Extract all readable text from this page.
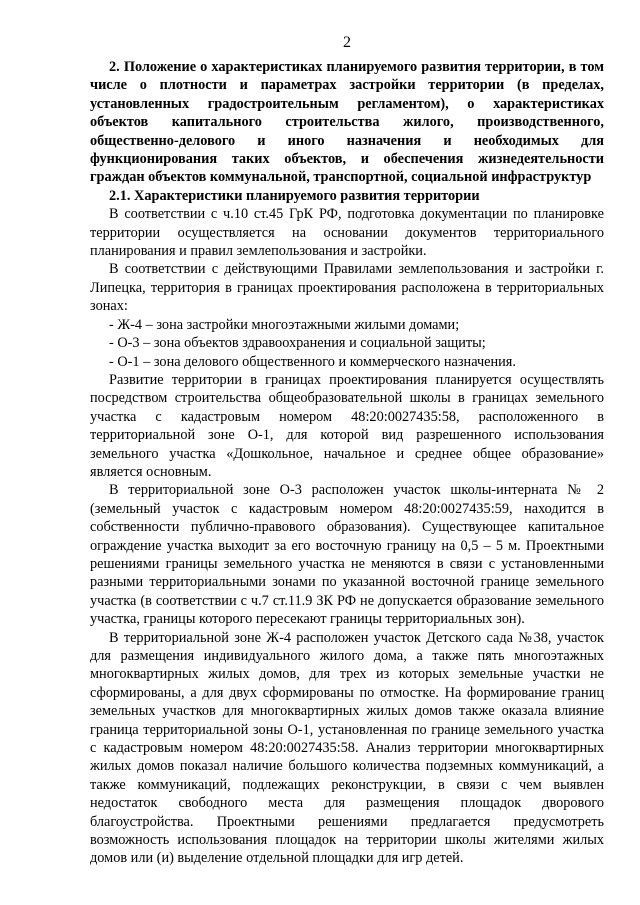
2

2. Положение о характеристиках планируемого развития территории, в том числе о плотности и параметрах застройки территории (в пределах, установленных градостроительным регламентом), о характеристиках объектов капитального строительства жилого, производственного, общественно-делового и иного назначения и необходимых для функционирования таких объектов, и обеспечения жизнедеятельности граждан объектов коммунальной, транспортной, социальной инфраструктур

2.1. Характеристики планируемого развития территории

В соответствии с ч.10 ст.45 ГрК РФ, подготовка документации по планировке территории осуществляется на основании документов территориального планирования и правил землепользования и застройки.

В соответствии с действующими Правилами землепользования и застройки г. Липецка, территория в границах проектирования расположена в территориальных зонах:

- Ж-4 – зона застройки многоэтажными жилыми домами;

- О-3 – зона объектов здравоохранения и социальной защиты;

- О-1 – зона делового общественного и коммерческого назначения.

Развитие территории в границах проектирования планируется осуществлять посредством строительства общеобразовательной школы в границах земельного участка с кадастровым номером 48:20:0027435:58, расположенного в территориальной зоне О-1, для которой вид разрешенного использования земельного участка «Дошкольное, начальное и среднее общее образование» является основным.

В территориальной зоне О-3 расположен участок школы-интерната № 2 (земельный участок с кадастровым номером 48:20:0027435:59, находится в собственности публично-правового образования). Существующее капитальное ограждение участка выходит за его восточную границу на 0,5 – 5 м. Проектными решениями границы земельного участка не меняются в связи с установленными разными территориальными зонами по указанной восточной границе земельного участка (в соответствии с ч.7 ст.11.9 ЗК РФ не допускается образование земельного участка, границы которого пересекают границы территориальных зон).

В территориальной зоне Ж-4 расположен участок Детского сада №38, участок для размещения индивидуального жилого дома, а также пять многоэтажных многоквартирных жилых домов, для трех из которых земельные участки не сформированы, а для двух сформированы по отмостке. На формирование границ земельных участков для многоквартирных жилых домов также оказала влияние граница территориальной зоны О-1, установленная по границе земельного участка с кадастровым номером 48:20:0027435:58. Анализ территории многоквартирных жилых домов показал наличие большого количества подземных коммуникаций, а также коммуникаций, подлежащих реконструкции, в связи с чем выявлен недостаток свободного места для размещения площадок дворового благоустройства. Проектными решениями предлагается предусмотреть возможность использования площадок на территории школы жителями жилых домов или (и) выделение отдельной площадки для игр детей.
